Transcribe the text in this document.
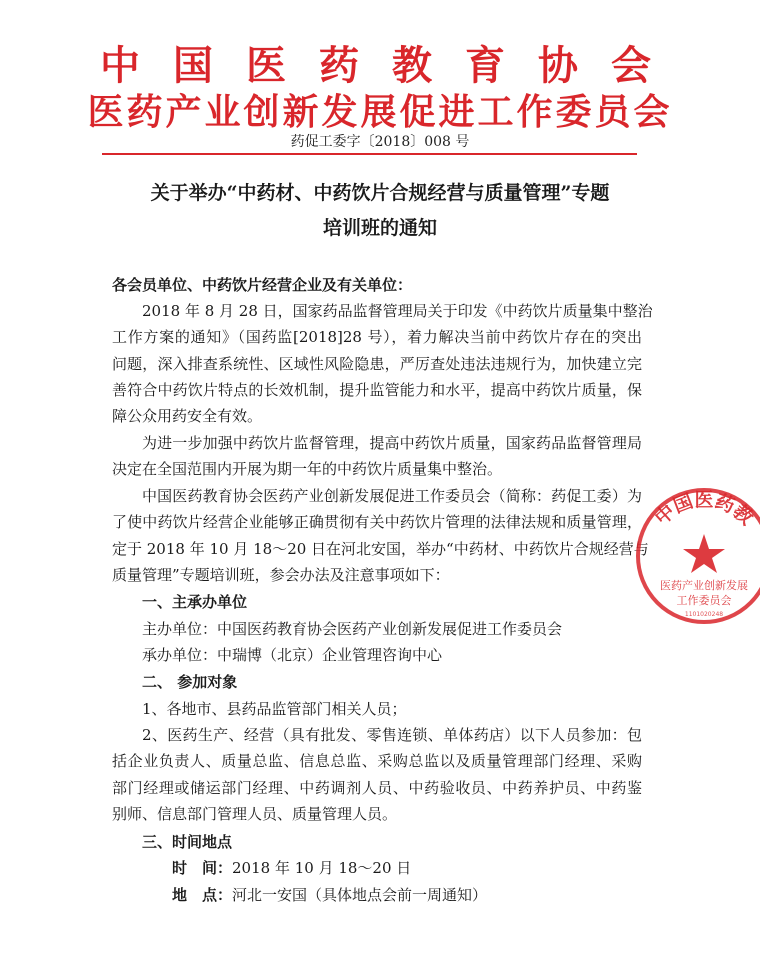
中国医药教育协会
医药产业创新发展促进工作委员会
药促工委字〔2018〕008 号
关于举办“中药材、中药饮片合规经营与质量管理”专题
培训班的通知
各会员单位、中药饮片经营企业及有关单位：
2018 年 8 月 28 日，国家药品监督管理局关于印发《中药饮片质量集中整治
工作方案的通知》（国药监[2018]28 号），着力解决当前中药饮片存在的突出
问题，深入排查系统性、区域性风险隐患，严厉查处违法违规行为，加快建立完
善符合中药饮片特点的长效机制，提升监管能力和水平，提高中药饮片质量，保
障公众用药安全有效。
为进一步加强中药饮片监督管理，提高中药饮片质量，国家药品监督管理局
决定在全国范围内开展为期一年的中药饮片质量集中整治。
中国医药教育协会医药产业创新发展促进工作委员会（简称：药促工委）为
了使中药饮片经营企业能够正确贯彻有关中药饮片管理的法律法规和质量管理，
定于 2018 年 10 月 18～20 日在河北安国，举办“中药材、中药饮片合规经营与
质量管理”专题培训班，参会办法及注意事项如下：
一、主承办单位
主办单位：中国医药教育协会医药产业创新发展促进工作委员会
承办单位：中瑞博（北京）企业管理咨询中心
二、 参加对象
1、各地市、县药品监管部门相关人员；
2、医药生产、经营（具有批发、零售连锁、单体药店）以下人员参加：包
括企业负责人、质量总监、信息总监、采购总监以及质量管理部门经理、采购
部门经理或储运部门经理、中药调剂人员、中药验收员、中药养护员、中药鉴
别师、信息部门管理人员、质量管理人员。
三、时间地点
时　间：2018 年 10 月 18～20 日
地　点：河北一安国（具体地点会前一周通知）
中国医药教
医药产业创新发展
工作委员会
1101020248
